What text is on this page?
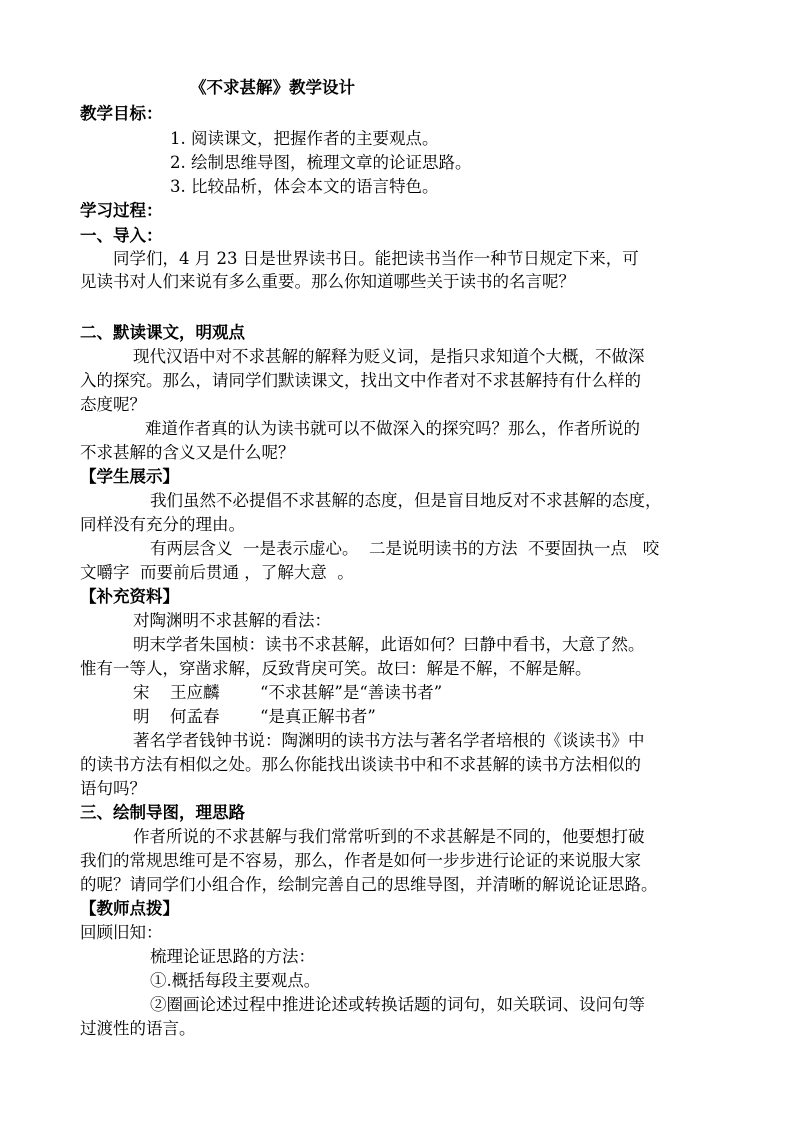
《不求甚解》教学设计
教学目标：
1. 阅读课文，把握作者的主要观点。
2. 绘制思维导图，梳理文章的论证思路。
3. 比较品析，体会本文的语言特色。
学习过程：
一、导入：
同学们，4 月 23 日是世界读书日。能把读书当作一种节日规定下来，可
见读书对人们来说有多么重要。那么你知道哪些关于读书的名言呢？
二、默读课文，明观点
现代汉语中对不求甚解的解释为贬义词，是指只求知道个大概，不做深
入的探究。那么，请同学们默读课文，找出文中作者对不求甚解持有什么样的
态度呢？
难道作者真的认为读书就可以不做深入的探究吗？那么，作者所说的
不求甚解的含义又是什么呢？
【学生展示】
我们虽然不必提倡不求甚解的态度，但是盲目地反对不求甚解的态度，
同样没有充分的理由。
有两层含义  一是表示虚心。  二是说明读书的方法  不要固执一点   咬
文嚼字  而要前后贯通 ，了解大意  。
【补充资料】
对陶渊明不求甚解的看法：
明末学者朱国桢：读书不求甚解，此语如何？曰静中看书，大意了然。
惟有一等人，穿凿求解，反致背戾可笑。故曰：解是不解，不解是解。
宋 王应麟 “不求甚解”是“善读书者”
明 何孟春 “是真正解书者”
著名学者钱钟书说：陶渊明的读书方法与著名学者培根的《谈读书》中
的读书方法有相似之处。那么你能找出谈读书中和不求甚解的读书方法相似的
语句吗？
三、绘制导图，理思路
作者所说的不求甚解与我们常常听到的不求甚解是不同的，他要想打破
我们的常规思维可是不容易，那么，作者是如何一步步进行论证的来说服大家
的呢？请同学们小组合作，绘制完善自己的思维导图，并清晰的解说论证思路。
【教师点拨】
回顾旧知：
梳理论证思路的方法：
①.概括每段主要观点。
②圈画论述过程中推进论述或转换话题的词句，如关联词、设问句等
过渡性的语言。
